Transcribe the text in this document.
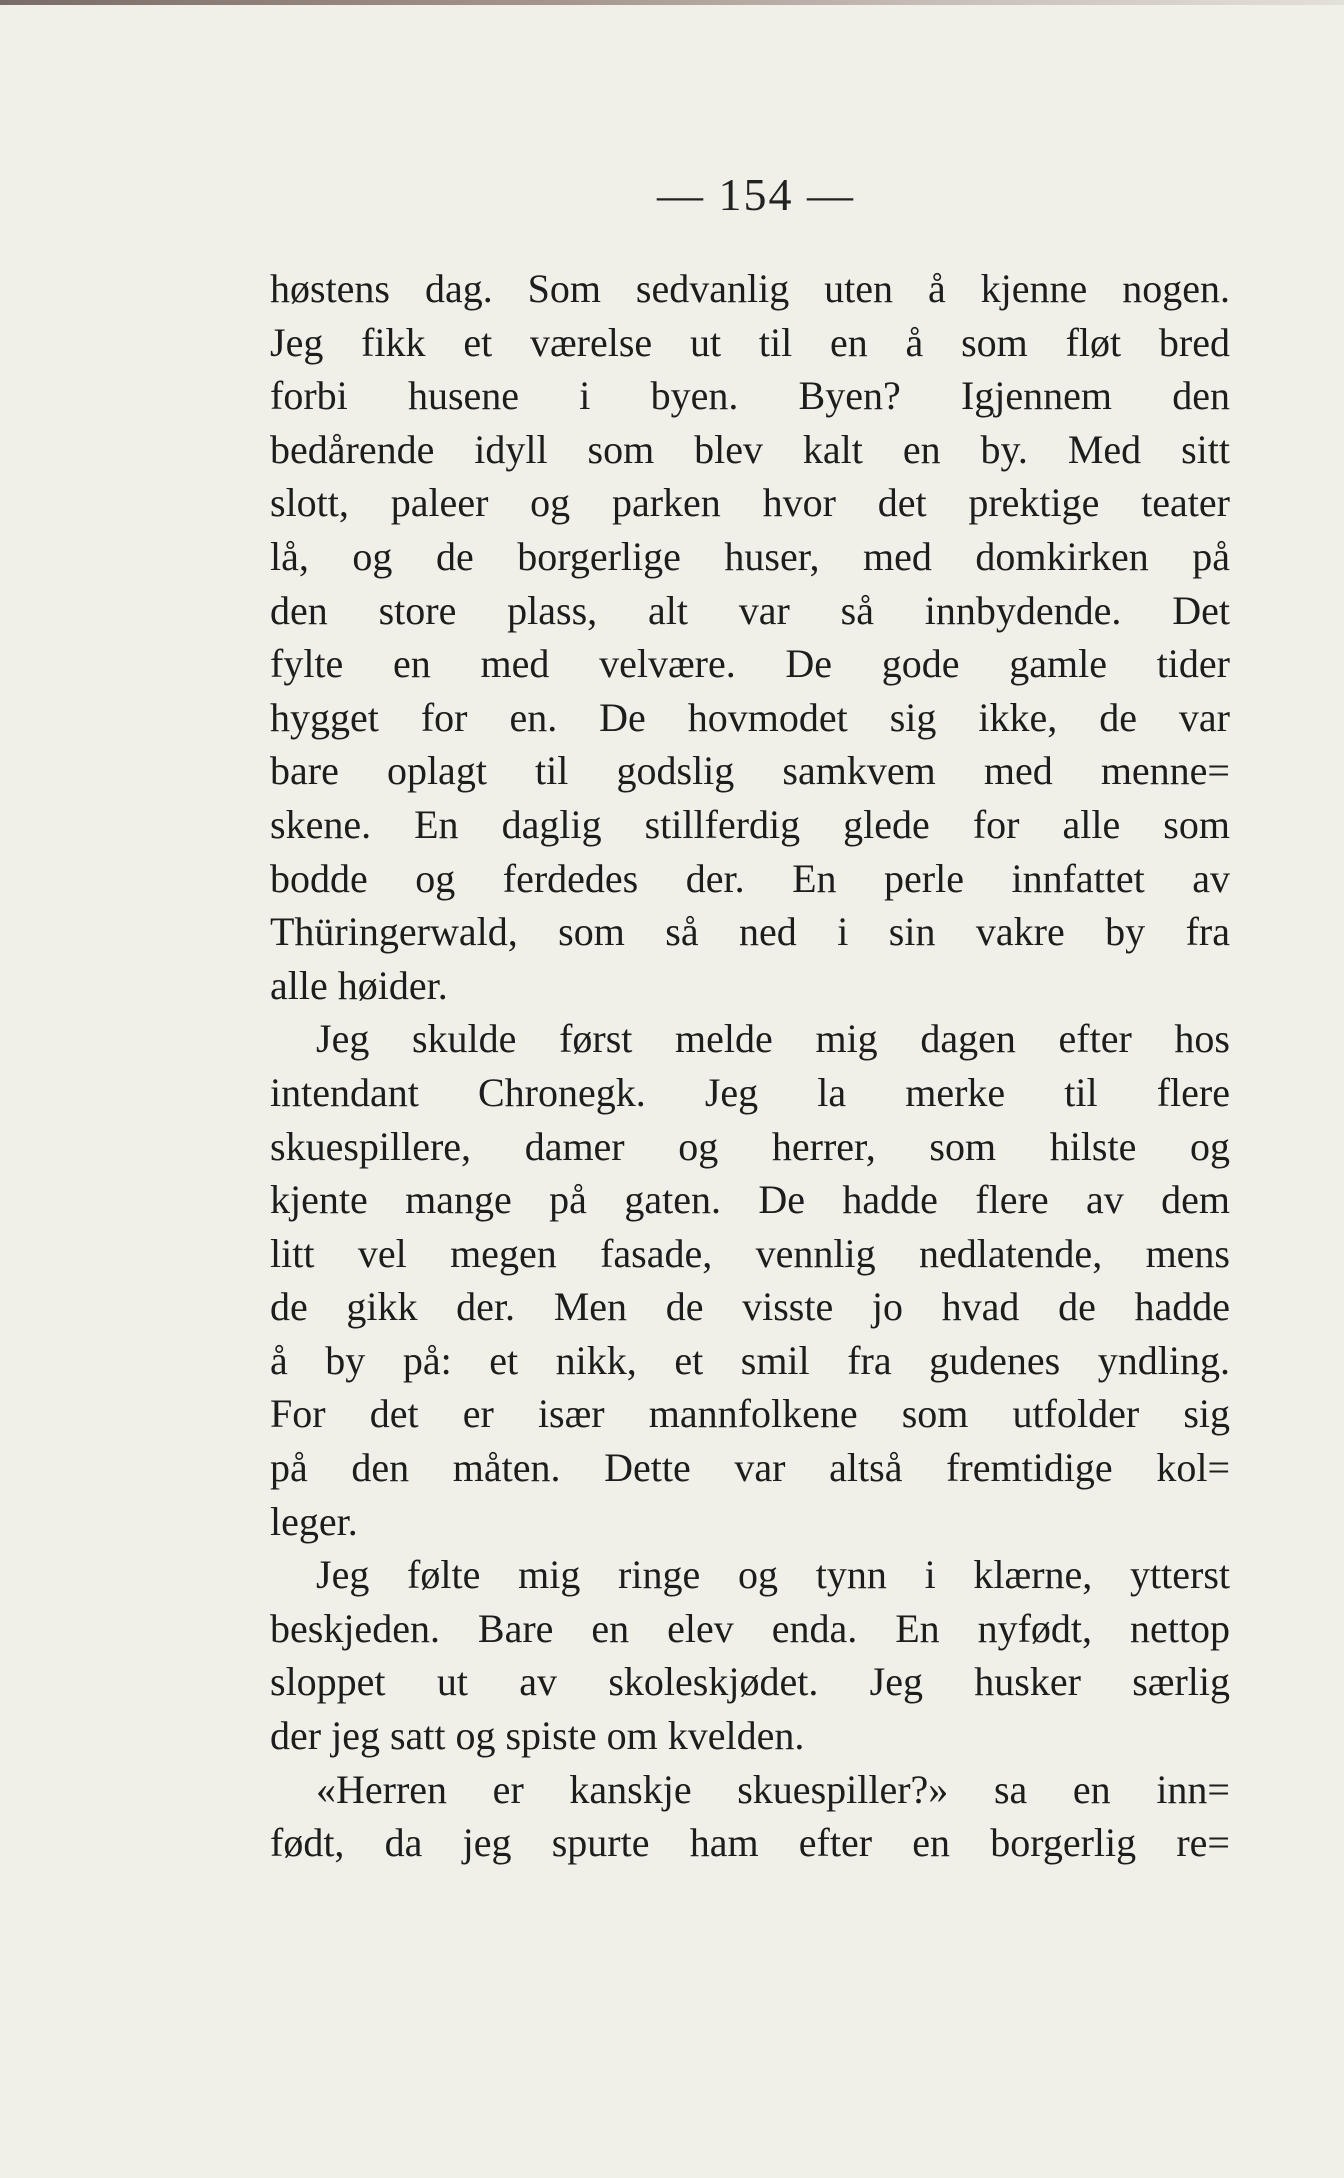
— 154 —
høstens dag. Som sedvanlig uten å kjenne nogen.
Jeg fikk et værelse ut til en å som fløt bred
forbi husene i byen. Byen? Igjennem den
bedårende idyll som blev kalt en by. Med sitt
slott, paleer og parken hvor det prektige teater
lå, og de borgerlige huser, med domkirken på
den store plass, alt var så innbydende. Det
fylte en med velvære. De gode gamle tider
hygget for en. De hovmodet sig ikke, de var
bare oplagt til godslig samkvem med menne=
skene. En daglig stillferdig glede for alle som
bodde og ferdedes der. En perle innfattet av
Thüringerwald, som så ned i sin vakre by fra
alle høider.
Jeg skulde først melde mig dagen efter hos
intendant Chronegk. Jeg la merke til flere
skuespillere, damer og herrer, som hilste og
kjente mange på gaten. De hadde flere av dem
litt vel megen fasade, vennlig nedlatende, mens
de gikk der. Men de visste jo hvad de hadde
å by på: et nikk, et smil fra gudenes yndling.
For det er især mannfolkene som utfolder sig
på den måten. Dette var altså fremtidige kol=
leger.
Jeg følte mig ringe og tynn i klærne, ytterst
beskjeden. Bare en elev enda. En nyfødt, nettop
sloppet ut av skoleskjødet. Jeg husker særlig
der jeg satt og spiste om kvelden.
«Herren er kanskje skuespiller?» sa en inn=
født, da jeg spurte ham efter en borgerlig re=
